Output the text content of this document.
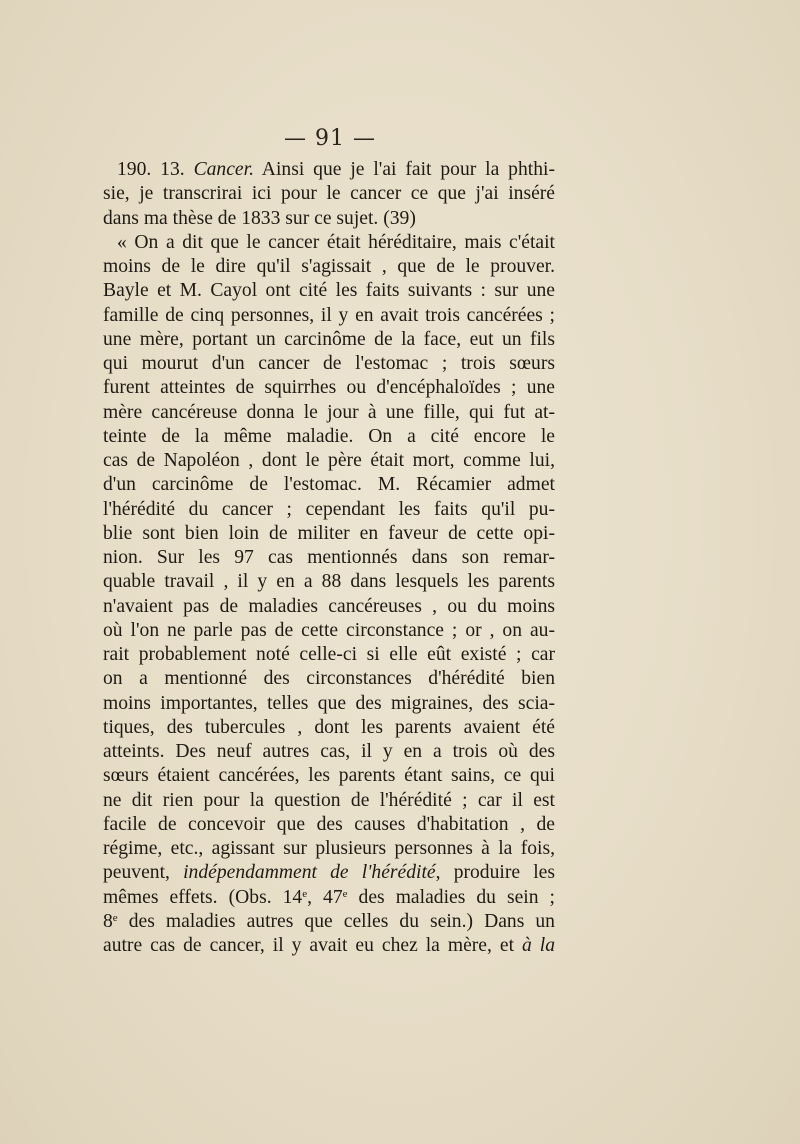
— 91 —
190. 13. Cancer. Ainsi que je l'ai fait pour la phthi-
sie, je transcrirai ici pour le cancer ce que j'ai inséré
dans ma thèse de 1833 sur ce sujet. (39)
« On a dit que le cancer était héréditaire, mais c'était
moins de le dire qu'il s'agissait , que de le prouver.
Bayle et M. Cayol ont cité les faits suivants : sur une
famille de cinq personnes, il y en avait trois cancérées ;
une mère, portant un carcinôme de la face, eut un fils
qui mourut d'un cancer de l'estomac ; trois sœurs
furent atteintes de squirrhes ou d'encéphaloïdes ; une
mère cancéreuse donna le jour à une fille, qui fut at-
teinte de la même maladie. On a cité encore le
cas de Napoléon , dont le père était mort, comme lui,
d'un carcinôme de l'estomac. M. Récamier admet
l'hérédité du cancer ; cependant les faits qu'il pu-
blie sont bien loin de militer en faveur de cette opi-
nion. Sur les 97 cas mentionnés dans son remar-
quable travail , il y en a 88 dans lesquels les parents
n'avaient pas de maladies cancéreuses , ou du moins
où l'on ne parle pas de cette circonstance ; or , on au-
rait probablement noté celle-ci si elle eût existé ; car
on a mentionné des circonstances d'hérédité bien
moins importantes, telles que des migraines, des scia-
tiques, des tubercules , dont les parents avaient été
atteints. Des neuf autres cas, il y en a trois où des
sœurs étaient cancérées, les parents étant sains, ce qui
ne dit rien pour la question de l'hérédité ; car il est
facile de concevoir que des causes d'habitation , de
régime, etc., agissant sur plusieurs personnes à la fois,
peuvent, indépendamment de l'hérédité, produire les
mêmes effets. (Obs. 14e, 47e des maladies du sein ;
8e des maladies autres que celles du sein.) Dans un
autre cas de cancer, il y avait eu chez la mère, et à la
